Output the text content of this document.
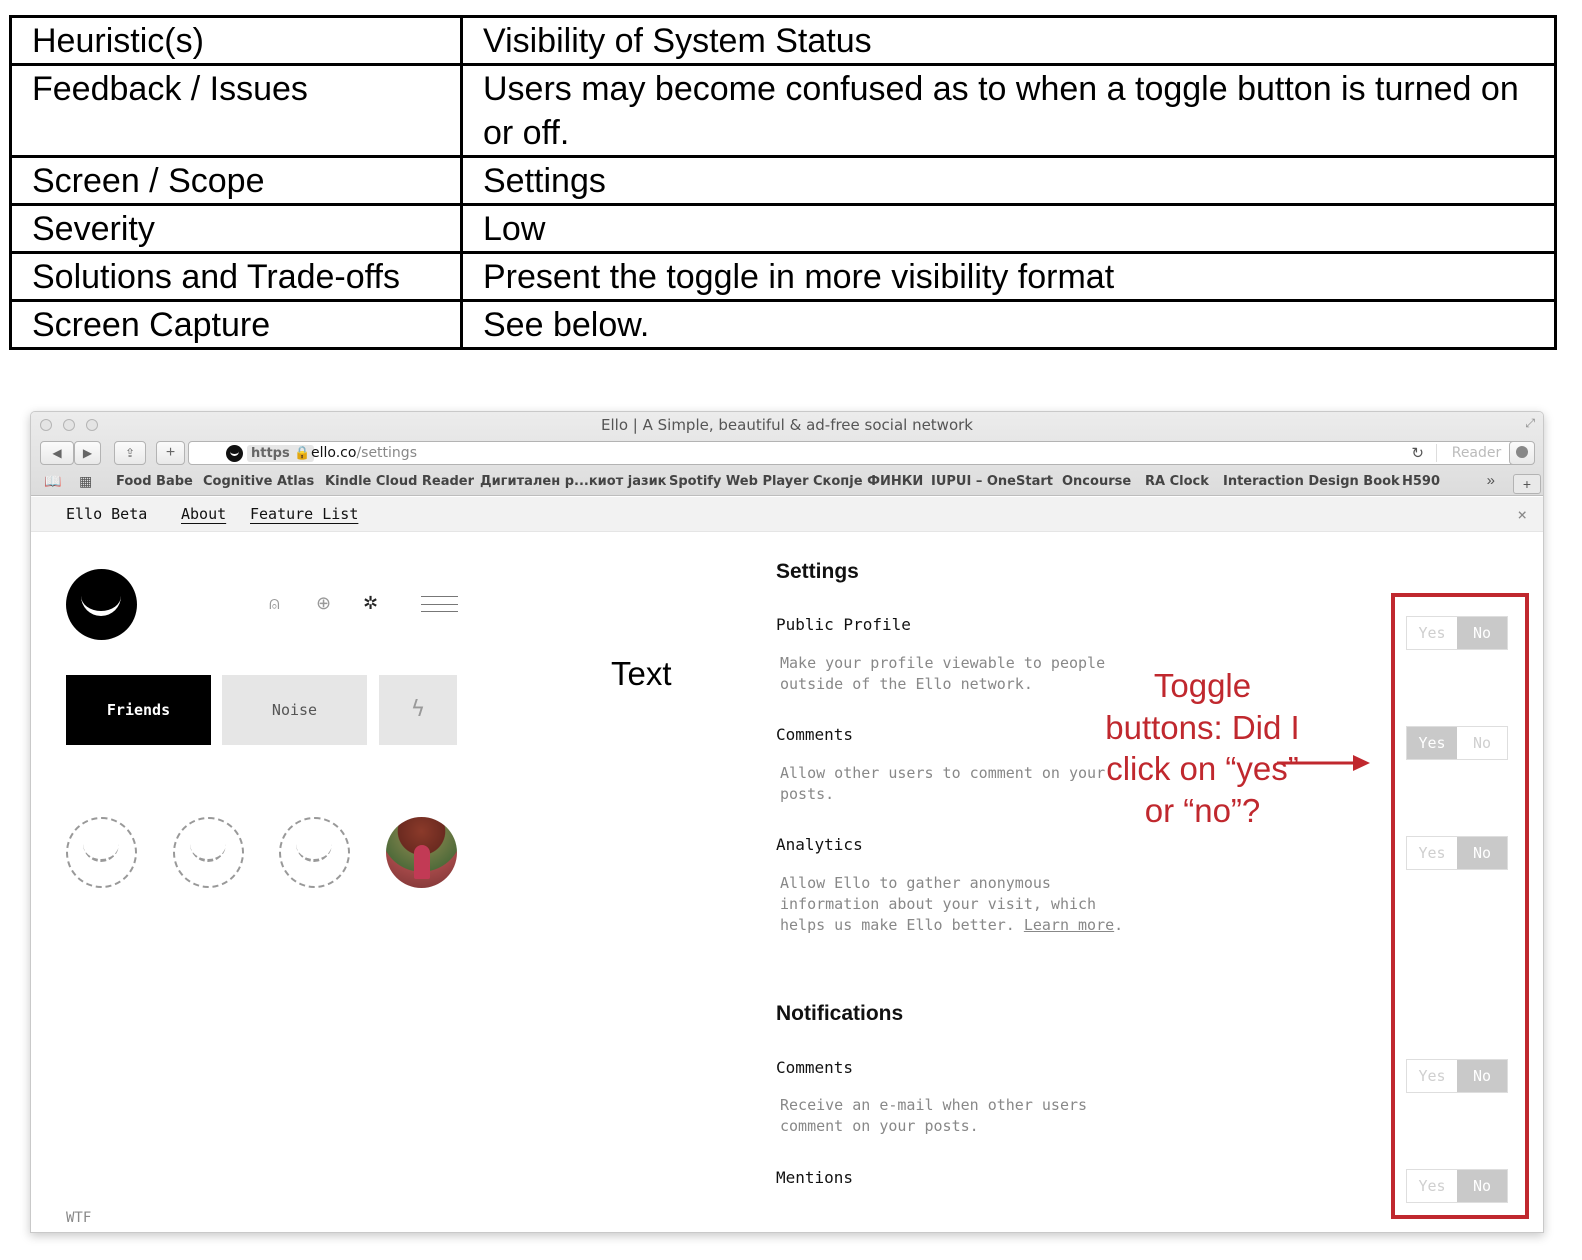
Heuristic(s)	Visibility of System Status
Feedback / Issues	Users may become confused as to when a toggle button is turned on or off.
Screen / Scope	Settings
Severity	Low
Solutions and Trade-offs	Present the toggle in more visibility format
Screen Capture	See below.
Ello | A Simple, beautiful & ad-free social network	⤢
◀	▶	⇪	+	https 🔒 ello.co/settings	↻	Reader
📖 ▦ Food Babe Cognitive Atlas Kindle Cloud Reader Дигитален р...киот јазик Spotify Web Player Скопје ФИНКИ IUPUI – OneStart Oncourse RA Clock Interaction Design Book H590	»
Ello Beta About Feature List	×
⍝ ⊕ ✲
Friends	Noise	ϟ
Text
Settings
Public Profile
Make your profile viewable to people outside of the Ello network.
Yes	No
Comments
Allow other users to comment on your posts.
Yes	No
Analytics
Allow Ello to gather anonymous information about your visit, which helps us make Ello better. Learn more.
Yes	No
Notifications
Comments
Receive an e-mail when other users comment on your posts.
Yes	No
Mentions	Yes	No
WTF
+
Toggle buttons: Did I click on “yes” or “no”?
